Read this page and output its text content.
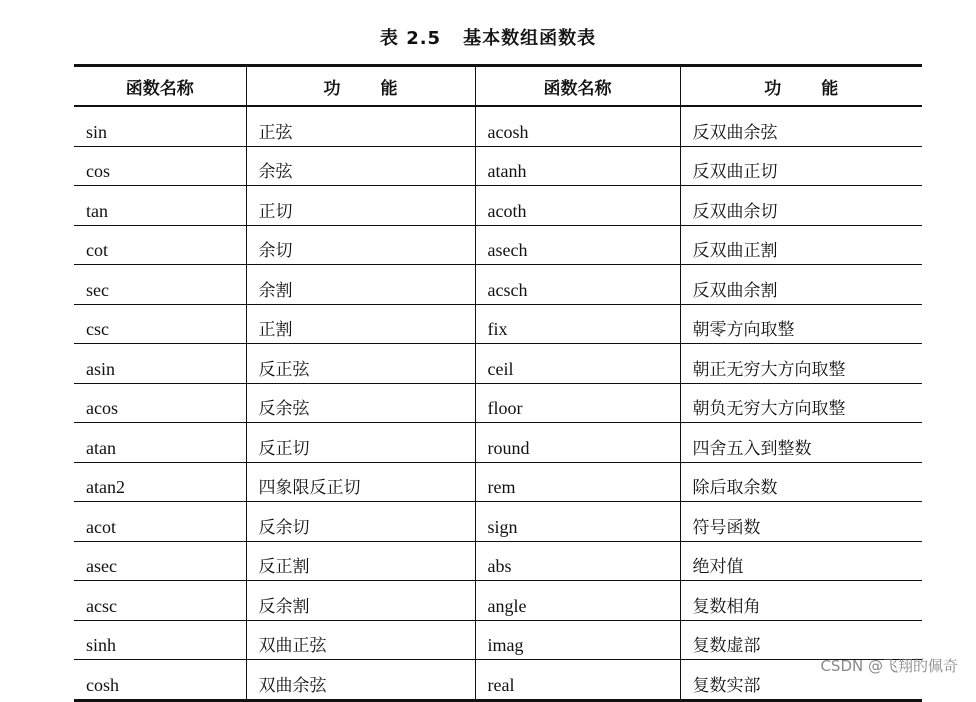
表 2.5 基本数组函数表
函数名称	功能	函数名称	功能
sin	正弦	acosh	反双曲余弦
cos	余弦	atanh	反双曲正切
tan	正切	acoth	反双曲余切
cot	余切	asech	反双曲正割
sec	余割	acsch	反双曲余割
csc	正割	fix	朝零方向取整
asin	反正弦	ceil	朝正无穷大方向取整
acos	反余弦	floor	朝负无穷大方向取整
atan	反正切	round	四舍五入到整数
atan2	四象限反正切	rem	除后取余数
acot	反余切	sign	符号函数
asec	反正割	abs	绝对值
acsc	反余割	angle	复数相角
sinh	双曲正弦	imag	复数虚部
cosh	双曲余弦	real	复数实部
CSDN @飞翔的佩奇
